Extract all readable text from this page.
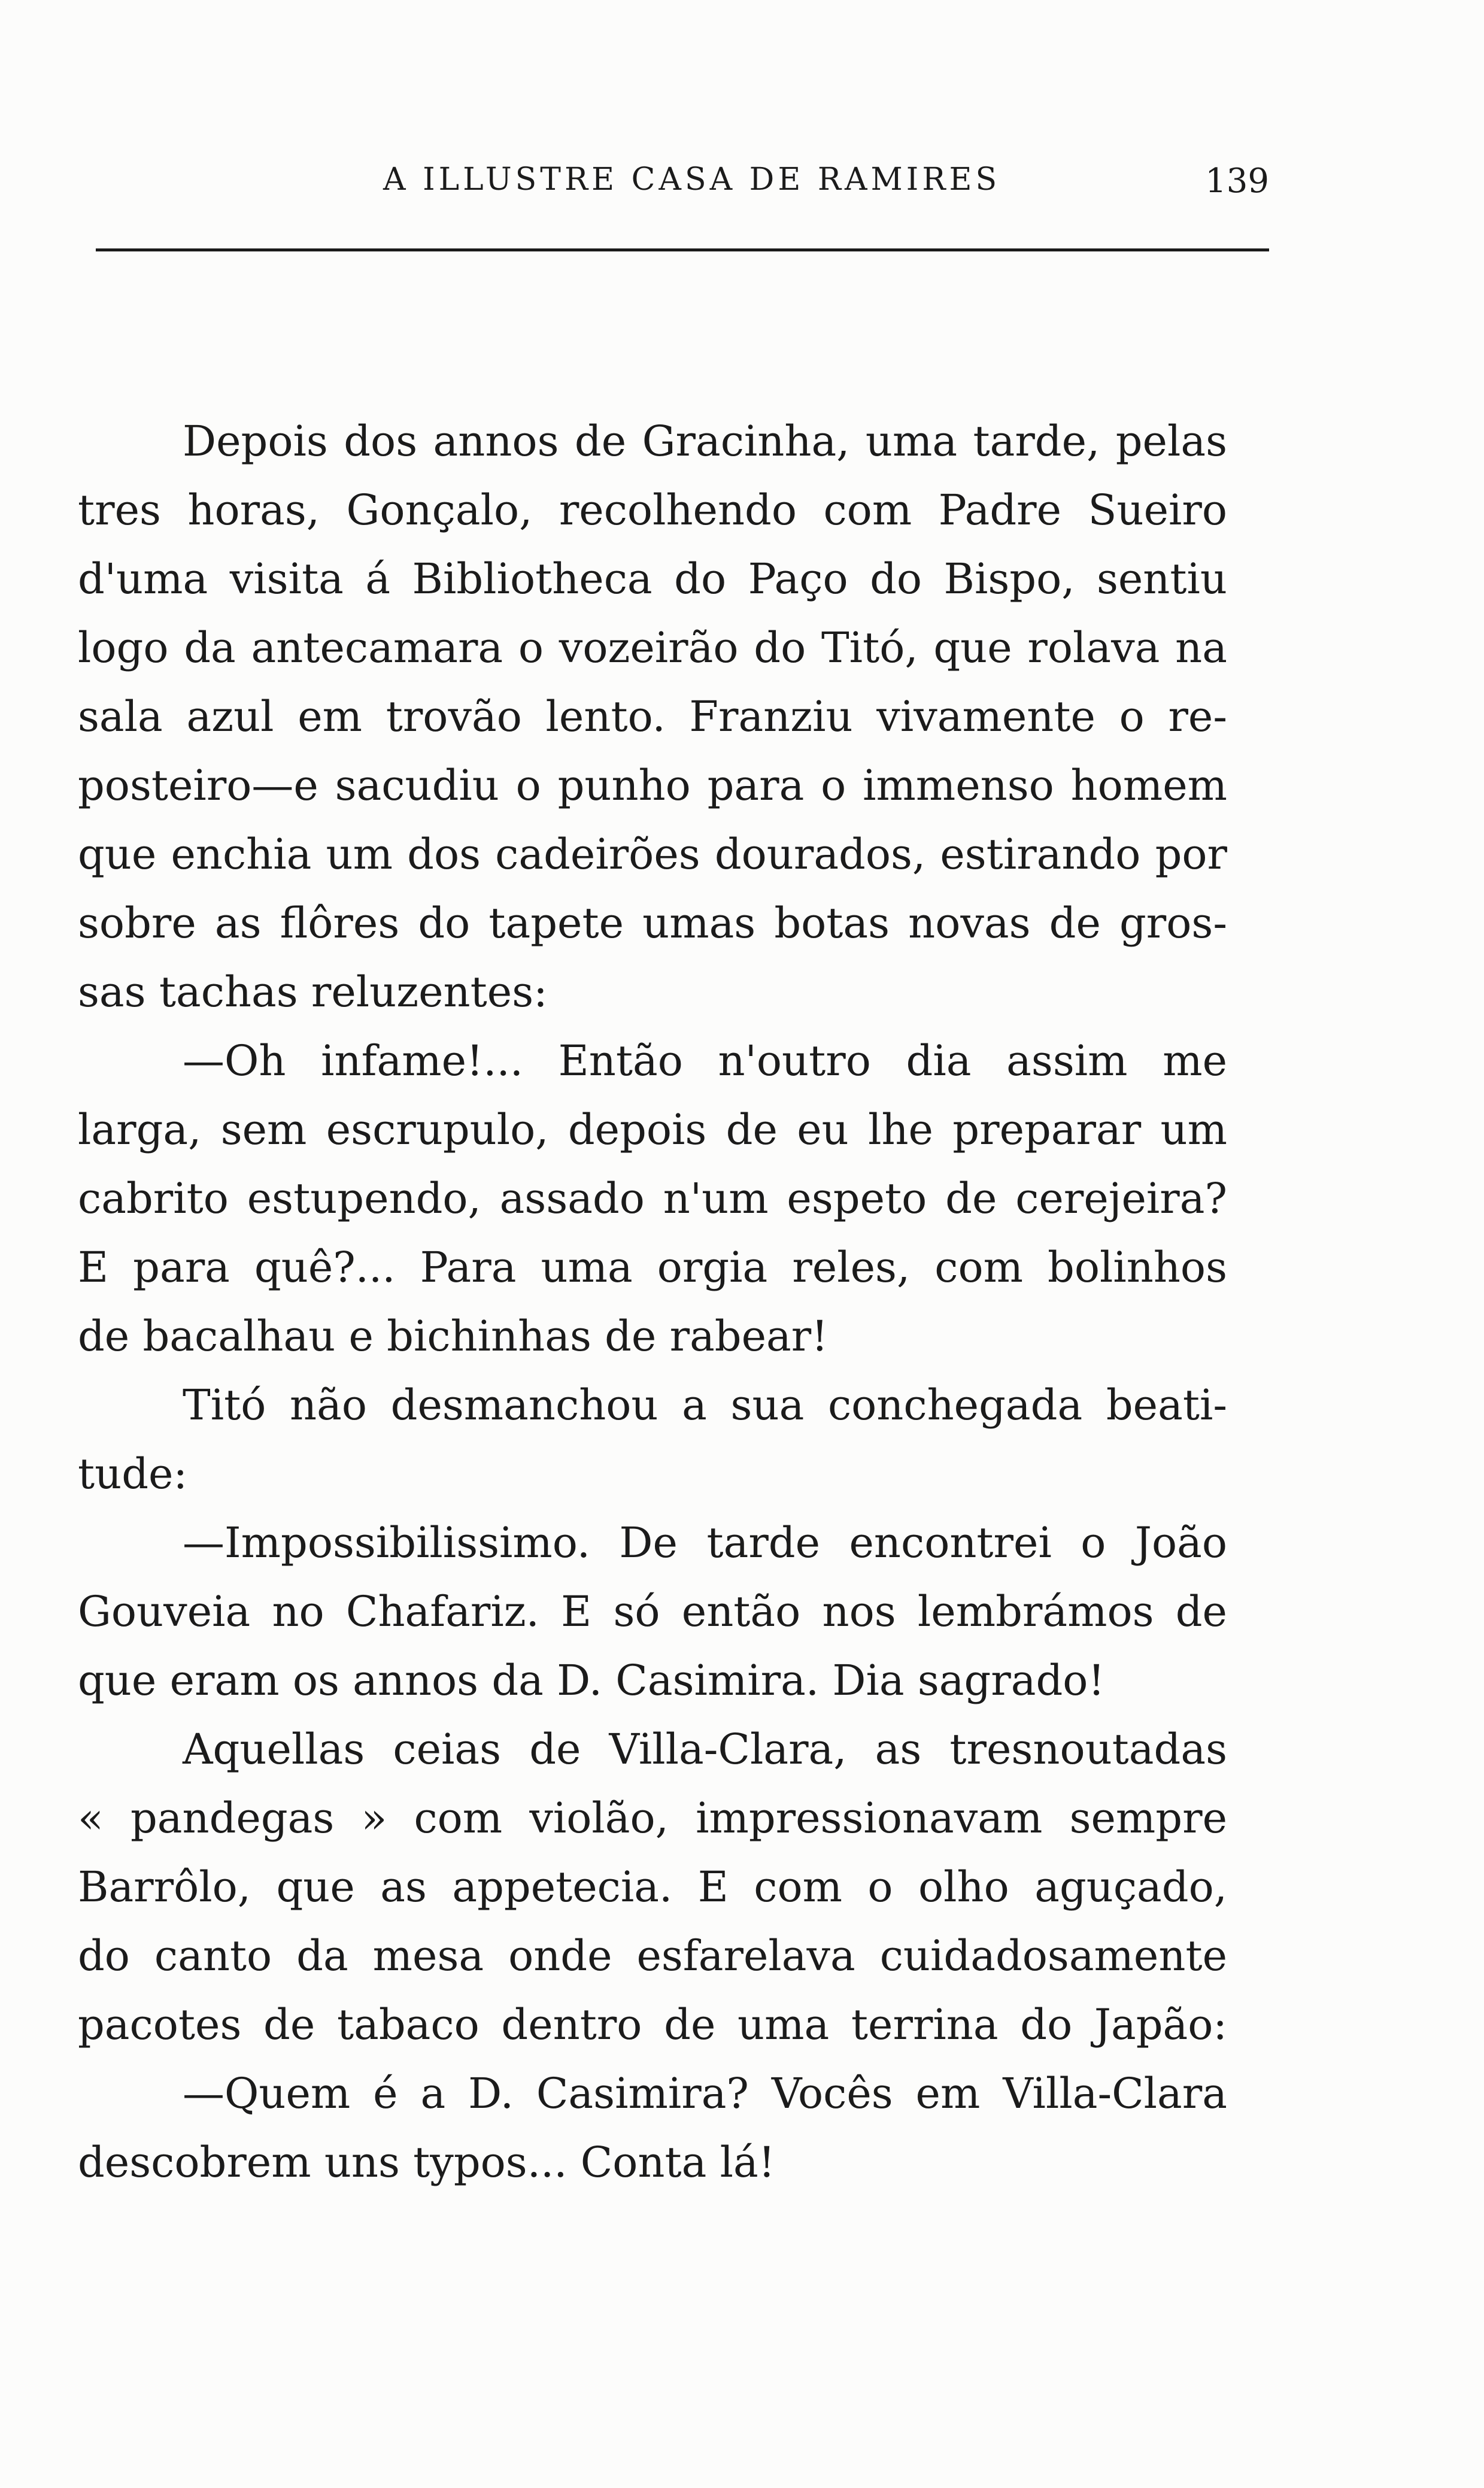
A ILLUSTRE CASA DE RAMIRES	139
Depois dos annos de Gracinha, uma tarde, pelas
tres horas, Gonçalo, recolhendo com Padre Sueiro
d'uma visita á Bibliotheca do Paço do Bispo, sentiu
logo da antecamara o vozeirão do Titó, que rolava na
sala azul em trovão lento. Franziu vivamente o re-
posteiro—e sacudiu o punho para o immenso homem
que enchia um dos cadeirões dourados, estirando por
sobre as flôres do tapete umas botas novas de gros-
sas tachas reluzentes:
—Oh infame!... Então n'outro dia assim me
larga, sem escrupulo, depois de eu lhe preparar um
cabrito estupendo, assado n'um espeto de cerejeira?
E para quê?... Para uma orgia reles, com bolinhos
de bacalhau e bichinhas de rabear!
Titó não desmanchou a sua conchegada beati-
tude:
—Impossibilissimo. De tarde encontrei o João
Gouveia no Chafariz. E só então nos lembrámos de
que eram os annos da D. Casimira. Dia sagrado!
Aquellas ceias de Villa-Clara, as tresnoutadas
« pandegas » com violão, impressionavam sempre
Barrôlo, que as appetecia. E com o olho aguçado,
do canto da mesa onde esfarelava cuidadosamente
pacotes de tabaco dentro de uma terrina do Japão:
—Quem é a D. Casimira? Vocês em Villa-Clara
descobrem uns typos... Conta lá!
